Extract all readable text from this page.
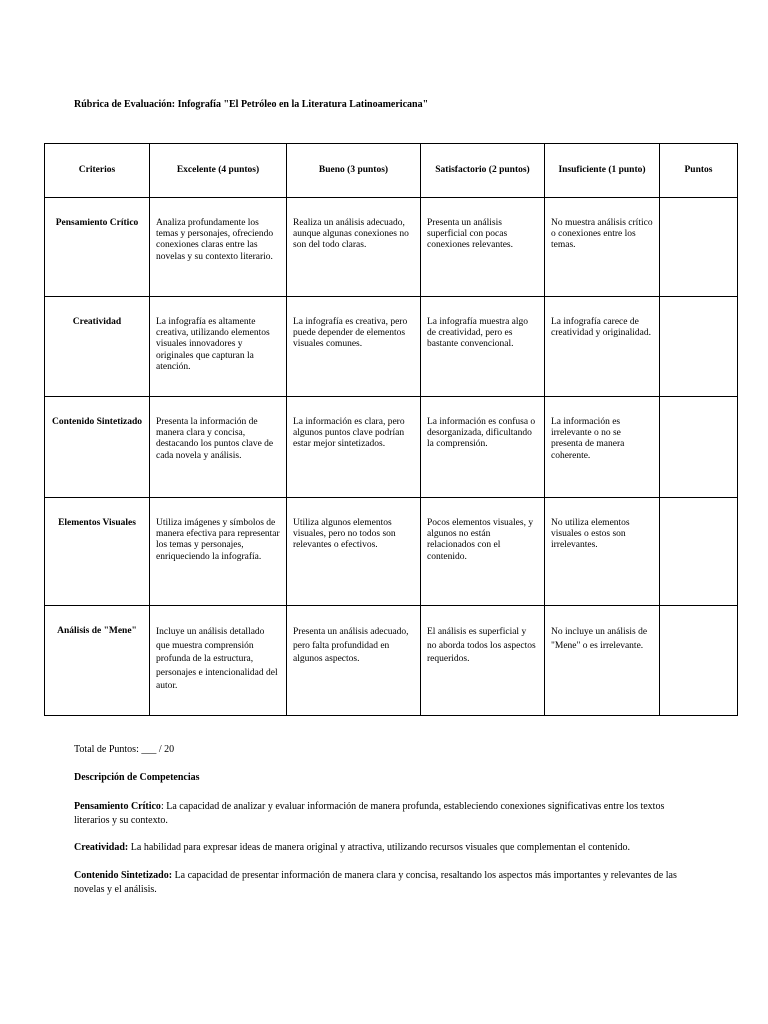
Rúbrica de Evaluación: Infografía "El Petróleo en la Literatura Latinoamericana"
Criterios	Excelente (4 puntos)	Bueno (3 puntos)	Satisfactorio (2 puntos)	Insuficiente (1 punto)	Puntos
Pensamiento Crítico	Analiza profundamente los temas y personajes, ofreciendo conexiones claras entre las novelas y su contexto literario.	Realiza un análisis adecuado, aunque algunas conexiones no son del todo claras.	Presenta un análisis superficial con pocas conexiones relevantes.	No muestra análisis crítico o conexiones entre los temas.	
Creatividad	La infografía es altamente creativa, utilizando elementos visuales innovadores y originales que capturan la atención.	La infografía es creativa, pero puede depender de elementos visuales comunes.	La infografía muestra algo de creatividad, pero es bastante convencional.	La infografía carece de creatividad y originalidad.	
Contenido Sintetizado	Presenta la información de manera clara y concisa, destacando los puntos clave de cada novela y análisis.	La información es clara, pero algunos puntos clave podrían estar mejor sintetizados.	La información es confusa o desorganizada, dificultando la comprensión.	La información es irrelevante o no se presenta de manera coherente.	
Elementos Visuales	Utiliza imágenes y símbolos de manera efectiva para representar los temas y personajes, enriqueciendo la infografía.	Utiliza algunos elementos visuales, pero no todos son relevantes o efectivos.	Pocos elementos visuales, y algunos no están relacionados con el contenido.	No utiliza elementos visuales o estos son irrelevantes.	
Análisis de "Mene"	Incluye un análisis detallado que muestra comprensión profunda de la estructura, personajes e intencionalidad del autor.	Presenta un análisis adecuado, pero falta profundidad en algunos aspectos.	El análisis es superficial y no aborda todos los aspectos requeridos.	No incluye un análisis de "Mene" o es irrelevante.	
Total de Puntos: ___ / 20
Descripción de Competencias

Pensamiento Crítico: La capacidad de analizar y evaluar información de manera profunda, estableciendo conexiones significativas entre los textos literarios y su contexto.

Creatividad: La habilidad para expresar ideas de manera original y atractiva, utilizando recursos visuales que complementan el contenido.

Contenido Sintetizado: La capacidad de presentar información de manera clara y concisa, resaltando los aspectos más importantes y relevantes de las novelas y el análisis.
